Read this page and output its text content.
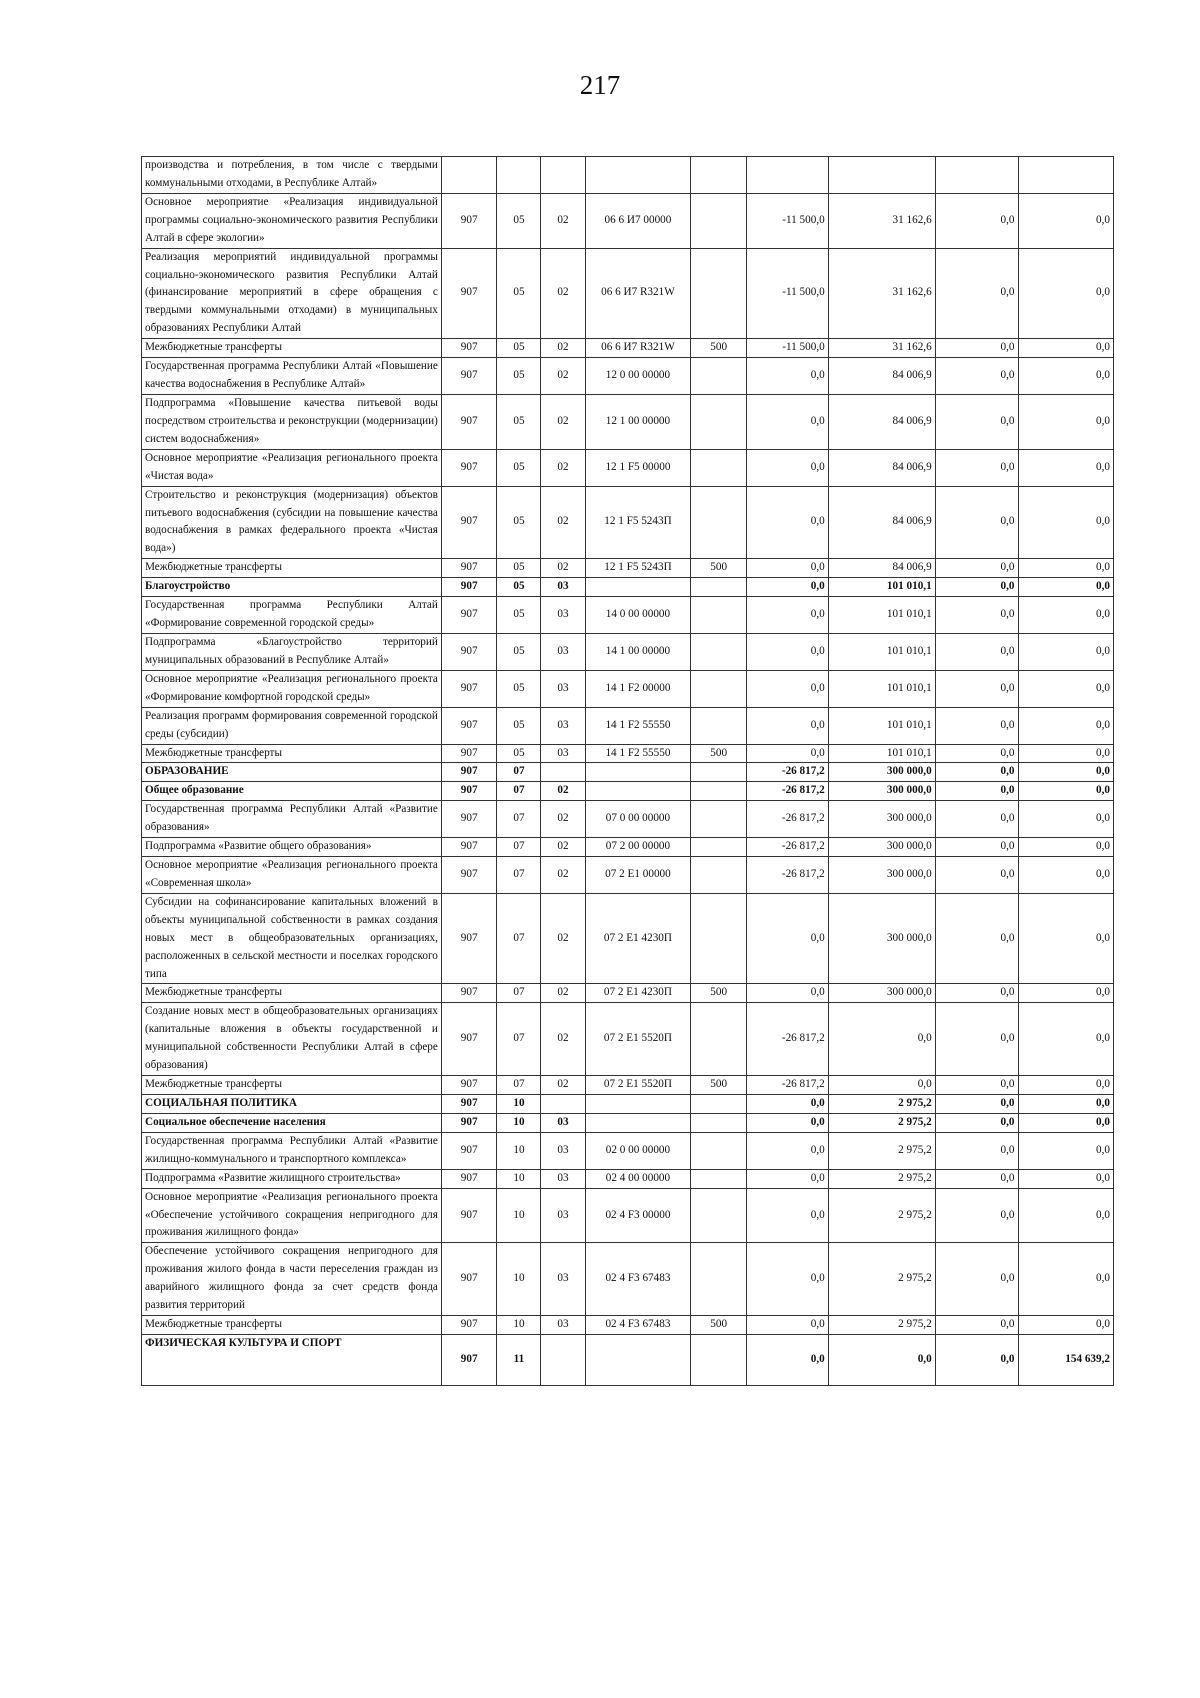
217
производства и потребления, в том числе с твердыми коммунальными отходами, в Республике Алтай»									
Основное мероприятие «Реализация индивидуальной программы социально-экономического развития Республики Алтай в сфере экологии»	907	05	02	06 6 И7 00000		-11 500,0	31 162,6	0,0	0,0
Реализация мероприятий индивидуальной программы социально-экономического развития Республики Алтай (финансирование мероприятий в сфере обращения с твердыми коммунальными отходами) в муниципальных образованиях Республики Алтай	907	05	02	06 6 И7 R321W		-11 500,0	31 162,6	0,0	0,0
Межбюджетные трансферты	907	05	02	06 6 И7 R321W	500	-11 500,0	31 162,6	0,0	0,0
Государственная программа Республики Алтай «Повышение качества водоснабжения в Республике Алтай»	907	05	02	12 0 00 00000		0,0	84 006,9	0,0	0,0
Подпрограмма «Повышение качества питьевой воды посредством строительства и реконструкции (модернизации) систем водоснабжения»	907	05	02	12 1 00 00000		0,0	84 006,9	0,0	0,0
Основное мероприятие «Реализация регионального проекта «Чистая вода»	907	05	02	12 1 F5 00000		0,0	84 006,9	0,0	0,0
Строительство и реконструкция (модернизация) объектов питьевого водоснабжения (субсидии на повышение качества водоснабжения в рамках федерального проекта «Чистая вода»)	907	05	02	12 1 F5 5243П		0,0	84 006,9	0,0	0,0
Межбюджетные трансферты	907	05	02	12 1 F5 5243П	500	0,0	84 006,9	0,0	0,0
Благоустройство	907	05	03			0,0	101 010,1	0,0	0,0
Государственная программа Республики Алтай «Формирование современной городской среды»	907	05	03	14 0 00 00000		0,0	101 010,1	0,0	0,0
Подпрограмма «Благоустройство территорий муниципальных образований в Республике Алтай»	907	05	03	14 1 00 00000		0,0	101 010,1	0,0	0,0
Основное мероприятие «Реализация регионального проекта «Формирование комфортной городской среды»	907	05	03	14 1 F2 00000		0,0	101 010,1	0,0	0,0
Реализация программ формирования современной городской среды (субсидии)	907	05	03	14 1 F2 55550		0,0	101 010,1	0,0	0,0
Межбюджетные трансферты	907	05	03	14 1 F2 55550	500	0,0	101 010,1	0,0	0,0
ОБРАЗОВАНИЕ	907	07				-26 817,2	300 000,0	0,0	0,0
Общее образование	907	07	02			-26 817,2	300 000,0	0,0	0,0
Государственная программа Республики Алтай «Развитие образования»	907	07	02	07 0 00 00000		-26 817,2	300 000,0	0,0	0,0
Подпрограмма «Развитие общего образования»	907	07	02	07 2 00 00000		-26 817,2	300 000,0	0,0	0,0
Основное мероприятие «Реализация регионального проекта «Современная школа»	907	07	02	07 2 E1 00000		-26 817,2	300 000,0	0,0	0,0
Субсидии на софинансирование капитальных вложений в объекты муниципальной собственности в рамках создания новых мест в общеобразовательных организациях, расположенных в сельской местности и поселках городского типа	907	07	02	07 2 E1 4230П		0,0	300 000,0	0,0	0,0
Межбюджетные трансферты	907	07	02	07 2 E1 4230П	500	0,0	300 000,0	0,0	0,0
Создание новых мест в общеобразовательных организациях (капитальные вложения в объекты государственной и муниципальной собственности Республики Алтай в сфере образования)	907	07	02	07 2 E1 5520П		-26 817,2	0,0	0,0	0,0
Межбюджетные трансферты	907	07	02	07 2 E1 5520П	500	-26 817,2	0,0	0,0	0,0
СОЦИАЛЬНАЯ ПОЛИТИКА	907	10				0,0	2 975,2	0,0	0,0
Социальное обеспечение населения	907	10	03			0,0	2 975,2	0,0	0,0
Государственная программа Республики Алтай «Развитие жилищно-коммунального и транспортного комплекса»	907	10	03	02 0 00 00000		0,0	2 975,2	0,0	0,0
Подпрограмма «Развитие жилищного строительства»	907	10	03	02 4 00 00000		0,0	2 975,2	0,0	0,0
Основное мероприятие «Реализация регионального проекта «Обеспечение устойчивого сокращения непригодного для проживания жилищного фонда»	907	10	03	02 4 F3 00000		0,0	2 975,2	0,0	0,0
Обеспечение устойчивого сокращения непригодного для проживания жилого фонда в части переселения граждан из аварийного жилищного фонда за счет средств фонда развития территорий	907	10	03	02 4 F3 67483		0,0	2 975,2	0,0	0,0
Межбюджетные трансферты	907	10	03	02 4 F3 67483	500	0,0	2 975,2	0,0	0,0
ФИЗИЧЕСКАЯ КУЛЬТУРА И СПОРТ	907	11				0,0	0,0	0,0	154 639,2
